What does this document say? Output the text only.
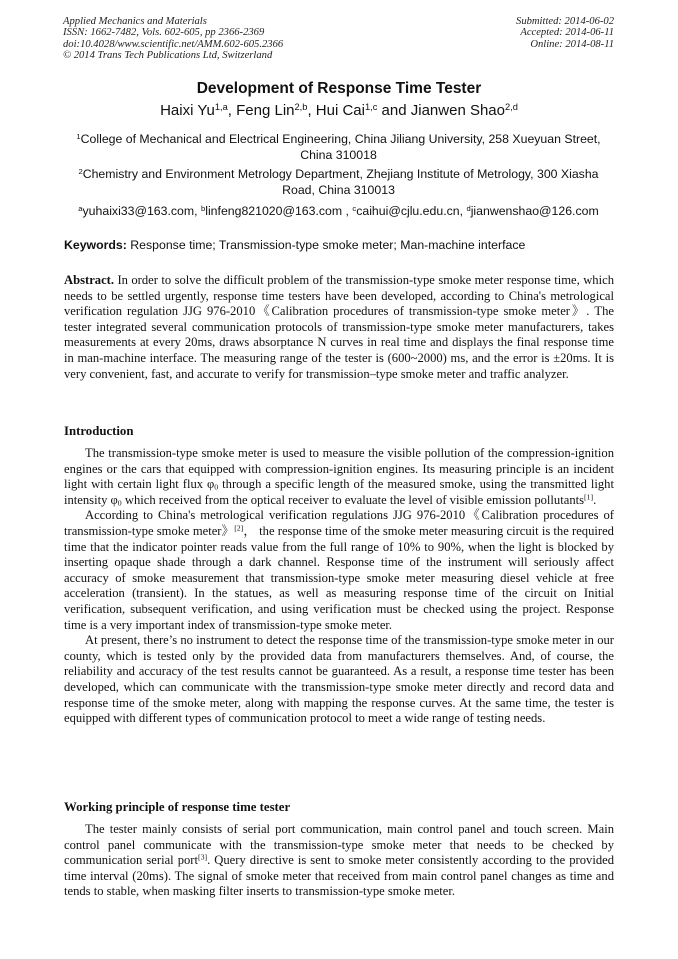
Applied Mechanics and Materials
ISSN: 1662-7482, Vols. 602-605, pp 2366-2369
doi:10.4028/www.scientific.net/AMM.602-605.2366
© 2014 Trans Tech Publications Ltd, Switzerland
Submitted: 2014-06-02
Accepted: 2014-06-11
Online: 2014-08-11
Development of Response Time Tester
Haixi Yu$^{1,a}$, Feng Lin$^{2,b}$, Hui Cai$^{1,c}$ and Jianwen Shao$^{2,d}$
$^1$College of Mechanical and Electrical Engineering, China Jiliang University, 258 Xueyuan Street, China 310018
$^2$Chemistry and Environment Metrology Department, Zhejiang Institute of Metrology, 300 Xiasha Road, China 310013
$^a$yuhaixi33@163.com, $^b$linfeng821020@163.com , $^c$caihui@cjlu.edu.cn, $^d$jianwenshao@126.com
Keywords: Response time; Transmission-type smoke meter; Man-machine interface
Abstract. In order to solve the difficult problem of the transmission-type smoke meter response time, which needs to be settled urgently, response time testers have been developed, according to China's metrological verification regulation JJG 976-2010《Calibration procedures of transmission-type smoke meter》. The tester integrated several communication protocols of transmission-type smoke meter manufacturers, takes measurements at every 20ms, draws absorptance N curves in real time and displays the final response time in man-machine interface. The measuring range of the tester is (600~2000) ms, and the error is ±20ms. It is very convenient, fast, and accurate to verify for transmission–type smoke meter and traffic analyzer.
Introduction

The transmission-type smoke meter is used to measure the visible pollution of the compression-ignition engines or the cars that equipped with compression-ignition engines. Its measuring principle is an incident light with certain light flux $\varphi_0$ through a specific length of the measured smoke, using the transmitted light intensity $\varphi_0$ which received from the optical receiver to evaluate the level of visible emission pollutants[1].

According to China's metrological verification regulations JJG 976-2010《Calibration procedures of transmission-type smoke meter》[2]， the response time of the smoke meter measuring circuit is the required time that the indicator pointer reads value from the full range of 10% to 90%, when the light is blocked by inserting opaque shade through a dark channel. Response time of the instrument will seriously affect accuracy of smoke measurement that transmission-type smoke meter measuring diesel vehicle at free acceleration (transient). In the statues, as well as measuring response time of the circuit on Initial verification, subsequent verification, and using verification must be checked using the project. Response time is a very important index of transmission-type smoke meter.

At present, there’s no instrument to detect the response time of the transmission-type smoke meter in our county, which is tested only by the provided data from manufacturers themselves. And, of course, the reliability and accuracy of the test results cannot be guaranteed. As a result, a response time tester has been developed, which can communicate with the transmission-type smoke meter directly and record data and response time of the smoke meter, along with mapping the response curves. At the same time, the tester is equipped with different types of communication protocol to meet a wide range of testing needs.

Working principle of response time tester

The tester mainly consists of serial port communication, main control panel and touch screen. Main control panel communicate with the transmission-type smoke meter that needs to be checked by communication serial port[3]. Query directive is sent to smoke meter consistently according to the provided time interval (20ms). The signal of smoke meter that received from main control panel changes as time and tends to stable, when masking filter inserts to transmission-type smoke meter.
